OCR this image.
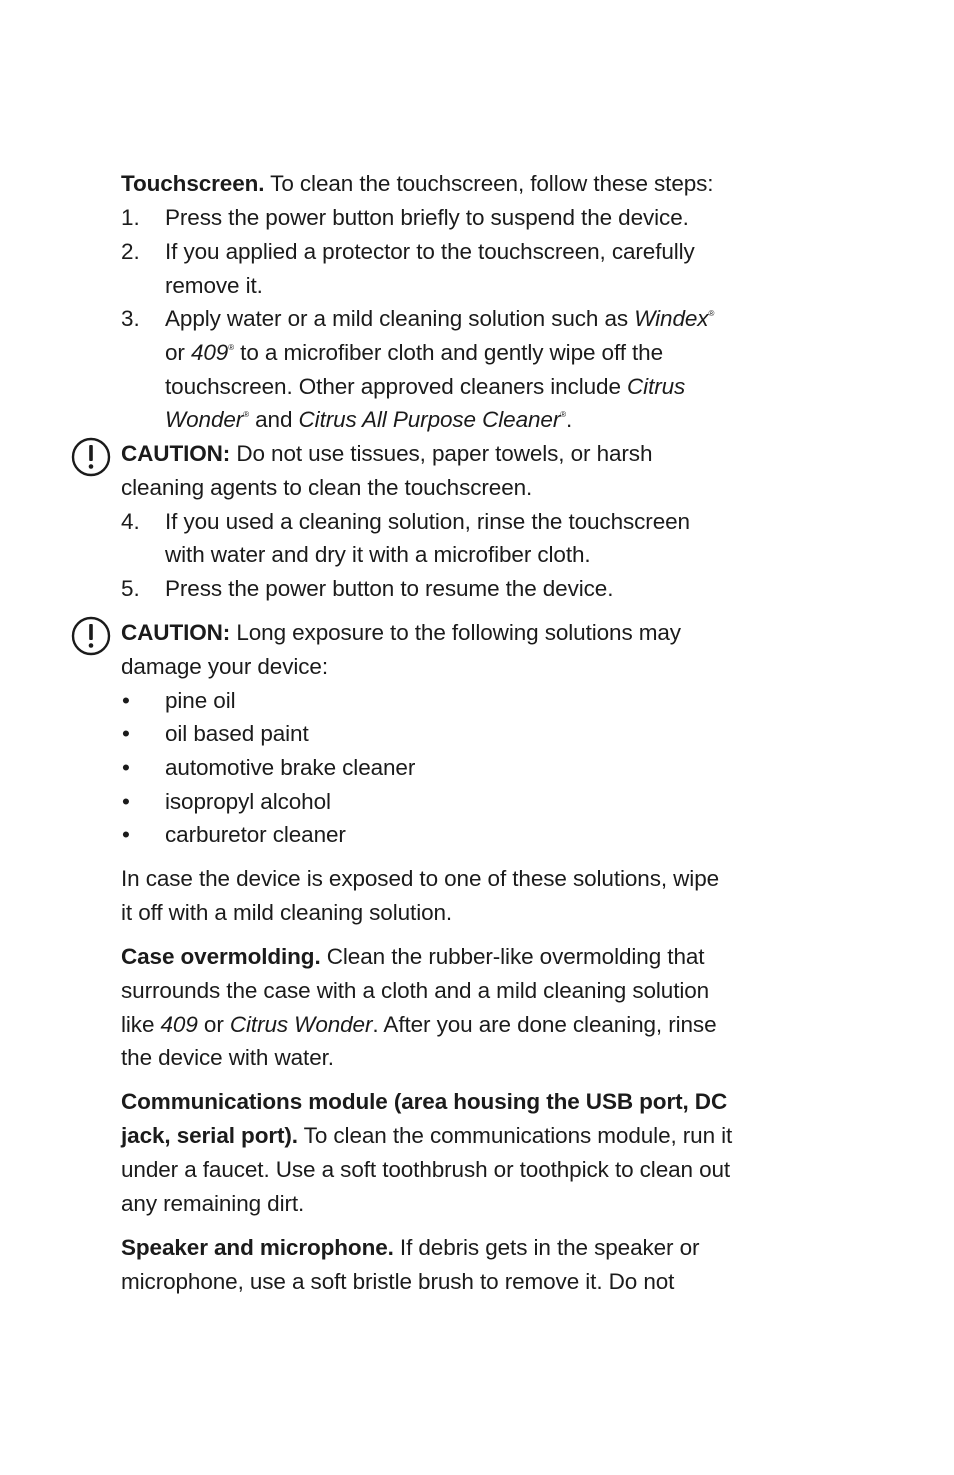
Touchscreen. To clean the touchscreen, follow these steps:
1. Press the power button briefly to suspend the device.
2. If you applied a protector to the touchscreen, carefully
remove it.
3. Apply water or a mild cleaning solution such as Windex®
or 409® to a microfiber cloth and gently wipe off the
touchscreen. Other approved cleaners include Citrus
Wonder® and Citrus All Purpose Cleaner®.
CAUTION: Do not use tissues, paper towels, or harsh
cleaning agents to clean the touchscreen.
4. If you used a cleaning solution, rinse the touchscreen
with water and dry it with a microfiber cloth.
5. Press the power button to resume the device.
CAUTION: Long exposure to the following solutions may
damage your device:
• pine oil
• oil based paint
• automotive brake cleaner
• isopropyl alcohol
• carburetor cleaner
In case the device is exposed to one of these solutions, wipe
it off with a mild cleaning solution.
Case overmolding. Clean the rubber-like overmolding that
surrounds the case with a cloth and a mild cleaning solution
like 409 or Citrus Wonder. After you are done cleaning, rinse
the device with water.
Communications module (area housing the USB port, DC
jack, serial port). To clean the communications module, run it
under a faucet. Use a soft toothbrush or toothpick to clean out
any remaining dirt.
Speaker and microphone. If debris gets in the speaker or
microphone, use a soft bristle brush to remove it. Do not
